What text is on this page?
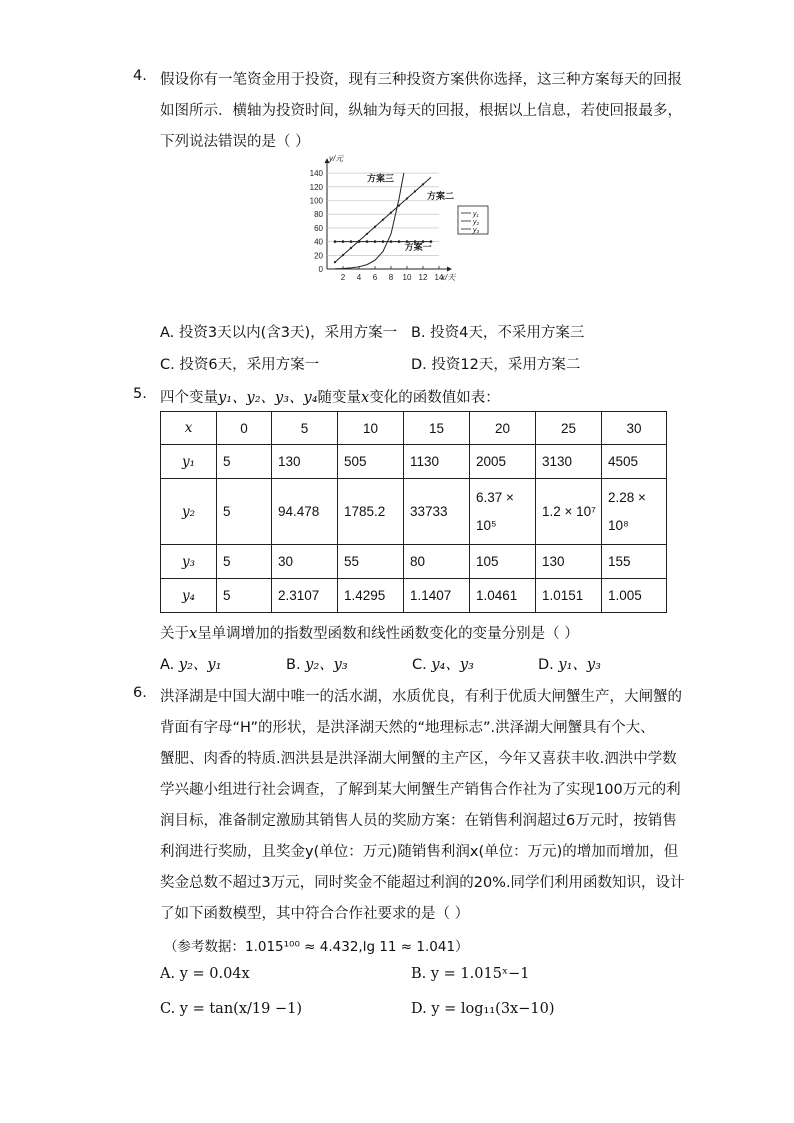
4. 假设你有一笔资金用于投资，现有三种投资方案供你选择，这三种方案每天的回报
如图所示．横轴为投资时间，纵轴为每天的回报，根据以上信息，若使回报最多，
下列说法错误的是（ ）
0
20
40
60
80
100
120
140
2 4 6 8 10 12 14
y/元
x/天
方案三
方案二
方案一
y₁
y₂
y₃
A. 投资3天以内(含3天)，采用方案一 B. 投资4天，不采用方案三
C. 投资6天，采用方案一	D. 投资12天，采用方案二
5. 四个变量y₁、y₂、y₃、y₄随变量x变化的函数值如表：
x	0	5	10	15	20	25	30
y₁	5	130	505	1130	2005	3130	4505
y₂	5	94.478	1785.2	33733	6.37 × 10⁵	1.2 × 10⁷	2.28 × 10⁸
y₃	5	30	55	80	105	130	155
y₄	5	2.3107	1.4295	1.1407	1.0461	1.0151	1.005
关于x呈单调增加的指数型函数和线性函数变化的变量分别是（ ）
A. y₂、y₁	B. y₂、y₃	C. y₄、y₃	D. y₁、y₃
6. 洪泽湖是中国大湖中唯一的活水湖，水质优良，有利于优质大闸蟹生产，大闸蟹的
背面有字母“H”的形状，是洪泽湖天然的“地理标志”.洪泽湖大闸蟹具有个大、
蟹肥、肉香的特质.泗洪县是洪泽湖大闸蟹的主产区，今年又喜获丰收.泗洪中学数
学兴趣小组进行社会调查，了解到某大闸蟹生产销售合作社为了实现100万元的利
润目标，准备制定激励其销售人员的奖励方案：在销售利润超过6万元时，按销售
利润进行奖励，且奖金y(单位：万元)随销售利润x(单位：万元)的增加而增加，但
奖金总数不超过3万元，同时奖金不能超过利润的20%.同学们利用函数知识，设计
了如下函数模型，其中符合合作社要求的是（ ）
（参考数据：1.015¹⁰⁰ ≈ 4.432,lg 11 ≈ 1.041）
A. y = 0.04x	B. y = 1.015ˣ−1
C. y = tan(x/19 −1)	D. y = log₁₁(3x−10)
